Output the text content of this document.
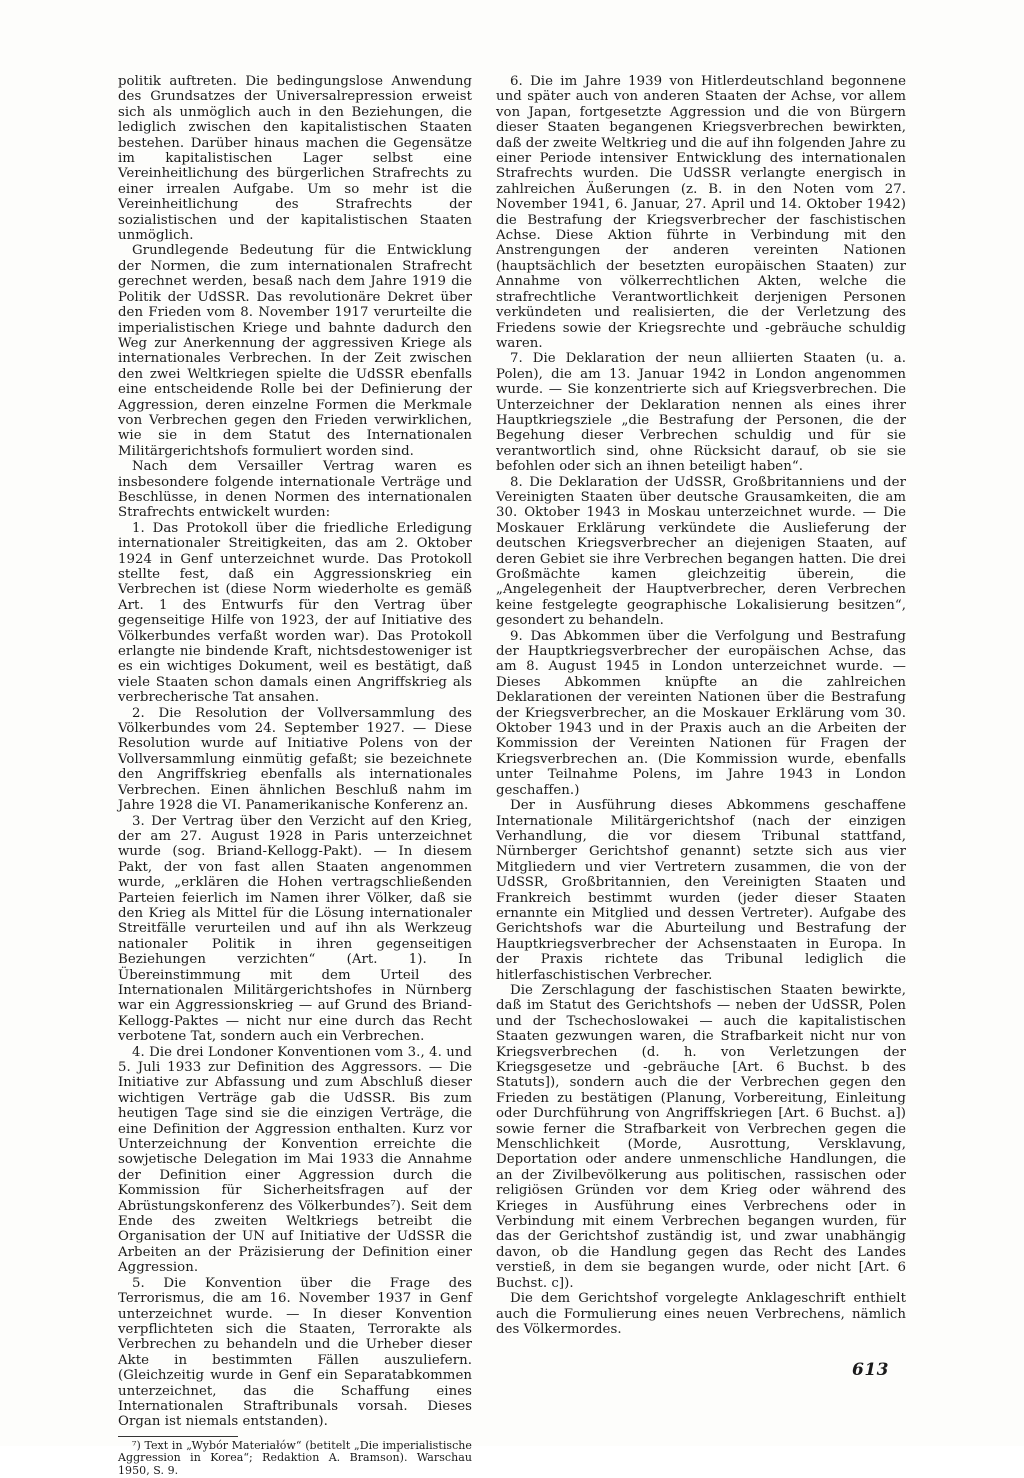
politik auftreten. Die bedingungslose Anwendung des Grundsatzes der Universalrepression erweist sich als unmöglich auch in den Beziehungen, die lediglich zwischen den kapitalistischen Staaten bestehen. Darüber hinaus machen die Gegensätze im kapitalistischen Lager selbst eine Vereinheitlichung des bürgerlichen Strafrechts zu einer irrealen Aufgabe. Um so mehr ist die Vereinheitlichung des Strafrechts der sozialistischen und der kapitalistischen Staaten unmöglich.

Grundlegende Bedeutung für die Entwicklung der Normen, die zum internationalen Strafrecht gerechnet werden, besaß nach dem Jahre 1919 die Politik der UdSSR. Das revolutionäre Dekret über den Frieden vom 8. November 1917 verurteilte die imperialistischen Kriege und bahnte dadurch den Weg zur Anerkennung der aggressiven Kriege als internationales Verbrechen. In der Zeit zwischen den zwei Weltkriegen spielte die UdSSR ebenfalls eine entscheidende Rolle bei der Definierung der Aggression, deren einzelne Formen die Merkmale von Verbrechen gegen den Frieden verwirklichen, wie sie in dem Statut des Internationalen Militärgerichtshofs formuliert worden sind.

Nach dem Versailler Vertrag waren es insbesondere folgende internationale Verträge und Beschlüsse, in denen Normen des internationalen Strafrechts entwickelt wurden:

1. Das Protokoll über die friedliche Erledigung internationaler Streitigkeiten, das am 2. Oktober 1924 in Genf unterzeichnet wurde. Das Protokoll stellte fest, daß ein Aggressionskrieg ein Verbrechen ist (diese Norm wiederholte es gemäß Art. 1 des Entwurfs für den Vertrag über gegenseitige Hilfe von 1923, der auf Initiative des Völkerbundes verfaßt worden war). Das Protokoll erlangte nie bindende Kraft, nichtsdestoweniger ist es ein wichtiges Dokument, weil es bestätigt, daß viele Staaten schon damals einen Angriffskrieg als verbrecherische Tat ansahen.

2. Die Resolution der Vollversammlung des Völkerbundes vom 24. September 1927. — Diese Resolution wurde auf Initiative Polens von der Vollversammlung einmütig gefaßt; sie bezeichnete den Angriffskrieg ebenfalls als internationales Verbrechen. Einen ähnlichen Beschluß nahm im Jahre 1928 die VI. Panamerikanische Konferenz an.

3. Der Vertrag über den Verzicht auf den Krieg, der am 27. August 1928 in Paris unterzeichnet wurde (sog. Briand-Kellogg-Pakt). — In diesem Pakt, der von fast allen Staaten angenommen wurde, „erklären die Hohen vertragschließenden Parteien feierlich im Namen ihrer Völker, daß sie den Krieg als Mittel für die Lösung internationaler Streitfälle verurteilen und auf ihn als Werkzeug nationaler Politik in ihren gegenseitigen Beziehungen verzichten“ (Art. 1). In Übereinstimmung mit dem Urteil des Internationalen Militärgerichtshofes in Nürnberg war ein Aggressionskrieg — auf Grund des Briand-Kellogg-Paktes — nicht nur eine durch das Recht verbotene Tat, sondern auch ein Verbrechen.

4. Die drei Londoner Konventionen vom 3., 4. und 5. Juli 1933 zur Definition des Aggressors. — Die Initiative zur Abfassung und zum Abschluß dieser wichtigen Verträge gab die UdSSR. Bis zum heutigen Tage sind sie die einzigen Verträge, die eine Definition der Aggression enthalten. Kurz vor Unterzeichnung der Konvention erreichte die sowjetische Delegation im Mai 1933 die Annahme der Definition einer Aggression durch die Kommission für Sicherheitsfragen auf der Abrüstungskonferenz des Völkerbundes⁷). Seit dem Ende des zweiten Weltkriegs betreibt die Organisation der UN auf Initiative der UdSSR die Arbeiten an der Präzisierung der Definition einer Aggression.

5. Die Konvention über die Frage des Terrorismus, die am 16. November 1937 in Genf unterzeichnet wurde. — In dieser Konvention verpflichteten sich die Staaten, Terrorakte als Verbrechen zu behandeln und die Urheber dieser Akte in bestimmten Fällen auszuliefern. (Gleichzeitig wurde in Genf ein Separatabkommen unterzeichnet, das die Schaffung eines Internationalen Straftribunals vorsah. Dieses Organ ist niemals entstanden).

⁷) Text in „Wybór Materiałów“ (betitelt „Die imperialistische Aggression in Korea“; Redaktion A. Bramson). Warschau 1950, S. 9.

6. Die im Jahre 1939 von Hitlerdeutschland begonnene und später auch von anderen Staaten der Achse, vor allem von Japan, fortgesetzte Aggression und die von Bürgern dieser Staaten begangenen Kriegsverbrechen bewirkten, daß der zweite Weltkrieg und die auf ihn folgenden Jahre zu einer Periode intensiver Entwicklung des internationalen Strafrechts wurden. Die UdSSR verlangte energisch in zahlreichen Äußerungen (z. B. in den Noten vom 27. November 1941, 6. Januar, 27. April und 14. Oktober 1942) die Bestrafung der Kriegsverbrecher der faschistischen Achse. Diese Aktion führte in Verbindung mit den Anstrengungen der anderen vereinten Nationen (hauptsächlich der besetzten europäischen Staaten) zur Annahme von völkerrechtlichen Akten, welche die strafrechtliche Verantwortlichkeit derjenigen Personen verkündeten und realisierten, die der Verletzung des Friedens sowie der Kriegsrechte und -gebräuche schuldig waren.

7. Die Deklaration der neun alliierten Staaten (u. a. Polen), die am 13. Januar 1942 in London angenommen wurde. — Sie konzentrierte sich auf Kriegsverbrechen. Die Unterzeichner der Deklaration nennen als eines ihrer Hauptkriegsziele „die Bestrafung der Personen, die der Begehung dieser Verbrechen schuldig und für sie verantwortlich sind, ohne Rücksicht darauf, ob sie sie befohlen oder sich an ihnen beteiligt haben“.

8. Die Deklaration der UdSSR, Großbritanniens und der Vereinigten Staaten über deutsche Grausamkeiten, die am 30. Oktober 1943 in Moskau unterzeichnet wurde. — Die Moskauer Erklärung verkündete die Auslieferung der deutschen Kriegsverbrecher an diejenigen Staaten, auf deren Gebiet sie ihre Verbrechen begangen hatten. Die drei Großmächte kamen gleichzeitig überein, die „Angelegenheit der Hauptverbrecher, deren Verbrechen keine festgelegte geographische Lokalisierung besitzen“, gesondert zu behandeln.

9. Das Abkommen über die Verfolgung und Bestrafung der Hauptkriegsverbrecher der europäischen Achse, das am 8. August 1945 in London unterzeichnet wurde. — Dieses Abkommen knüpfte an die zahlreichen Deklarationen der vereinten Nationen über die Bestrafung der Kriegsverbrecher, an die Moskauer Erklärung vom 30. Oktober 1943 und in der Praxis auch an die Arbeiten der Kommission der Vereinten Nationen für Fragen der Kriegsverbrechen an. (Die Kommission wurde, ebenfalls unter Teilnahme Polens, im Jahre 1943 in London geschaffen.)

Der in Ausführung dieses Abkommens geschaffene Internationale Militärgerichtshof (nach der einzigen Verhandlung, die vor diesem Tribunal stattfand, Nürnberger Gerichtshof genannt) setzte sich aus vier Mitgliedern und vier Vertretern zusammen, die von der UdSSR, Großbritannien, den Vereinigten Staaten und Frankreich bestimmt wurden (jeder dieser Staaten ernannte ein Mitglied und dessen Vertreter). Aufgabe des Gerichtshofs war die Aburteilung und Bestrafung der Hauptkriegsverbrecher der Achsenstaaten in Europa. In der Praxis richtete das Tribunal lediglich die hitlerfaschistischen Verbrecher.

Die Zerschlagung der faschistischen Staaten bewirkte, daß im Statut des Gerichtshofs — neben der UdSSR, Polen und der Tschechoslowakei — auch die kapitalistischen Staaten gezwungen waren, die Strafbarkeit nicht nur von Kriegsverbrechen (d. h. von Verletzungen der Kriegsgesetze und -gebräuche [Art. 6 Buchst. b des Statuts]), sondern auch die der Verbrechen gegen den Frieden zu bestätigen (Planung, Vorbereitung, Einleitung oder Durchführung von Angriffskriegen [Art. 6 Buchst. a]) sowie ferner die Strafbarkeit von Verbrechen gegen die Menschlichkeit (Morde, Ausrottung, Versklavung, Deportation oder andere unmenschliche Handlungen, die an der Zivilbevölkerung aus politischen, rassischen oder religiösen Gründen vor dem Krieg oder während des Krieges in Ausführung eines Verbrechens oder in Verbindung mit einem Verbrechen begangen wurden, für das der Gerichtshof zuständig ist, und zwar unabhängig davon, ob die Handlung gegen das Recht des Landes verstieß, in dem sie begangen wurde, oder nicht [Art. 6 Buchst. c]).

Die dem Gerichtshof vorgelegte Anklageschrift enthielt auch die Formulierung eines neuen Verbrechens, nämlich des Völkermordes.

613
